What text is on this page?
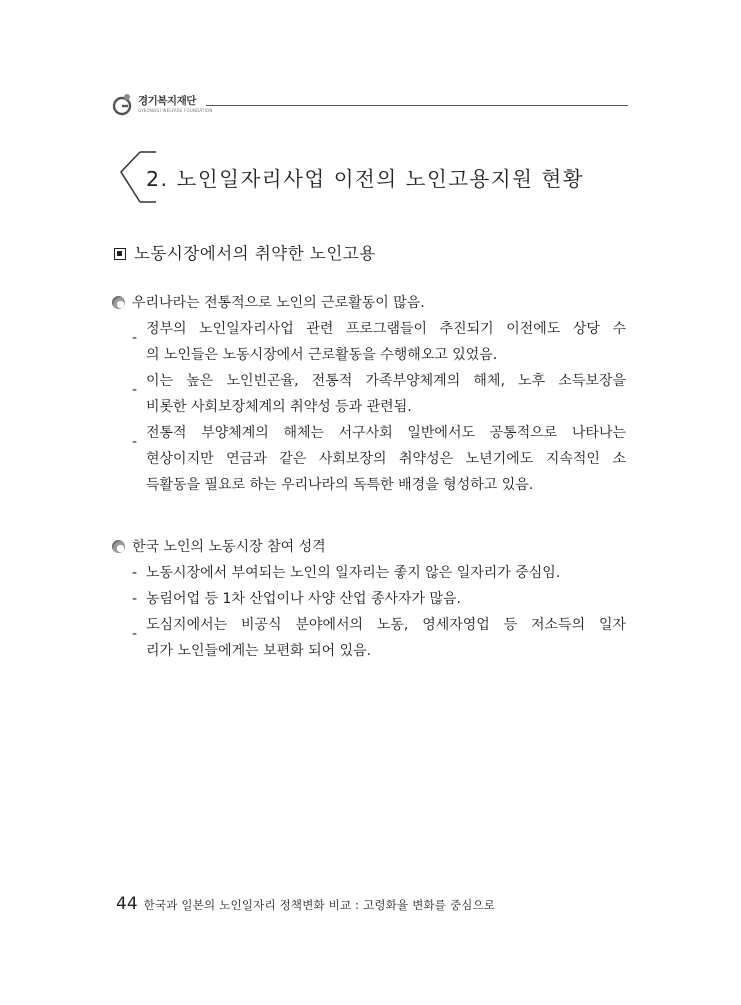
경기복지재단
GYEONGGI WELFARE FOUNDATION
2. 노인일자리사업 이전의 노인고용지원 현황
노동시장에서의 취약한 노인고용
우리나라는 전통적으로 노인의 근로활동이 많음.
-정부의 노인일자리사업 관련 프로그램들이 추진되기 이전에도 상당 수
의 노인들은 노동시장에서 근로활동을 수행해오고 있었음.
-이는 높은 노인빈곤율, 전통적 가족부양체계의 해체, 노후 소득보장을
비롯한 사회보장체계의 취약성 등과 관련됨.
-전통적 부양체계의 해체는 서구사회 일반에서도 공통적으로 나타나는
현상이지만 연금과 같은 사회보장의 취약성은 노년기에도 지속적인 소
득활동을 필요로 하는 우리나라의 독특한 배경을 형성하고 있음.
한국 노인의 노동시장 참여 성격
- 노동시장에서 부여되는 노인의 일자리는 좋지 않은 일자리가 중심임.
- 농림어업 등 1차 산업이나 사양 산업 종사자가 많음.
-도심지에서는 비공식 분야에서의 노동, 영세자영업 등 저소득의 일자
리가 노인들에게는 보편화 되어 있음.
44 한국과 일본의 노인일자리 정책변화 비교 : 고령화율 변화를 중심으로
